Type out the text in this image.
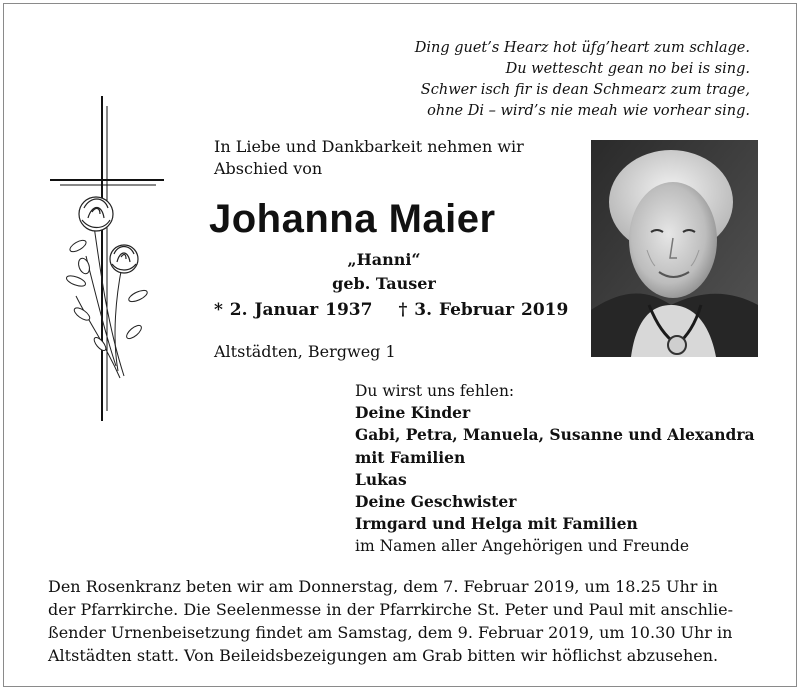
Ding guet’s Hearz hot üfg’heart zum schlage.
Du wettescht gean no bei is sing.
Schwer isch fir is dean Schmearz zum trage,
ohne Di – wird’s nie meah wie vorhear sing.
In Liebe und Dankbarkeit nehmen wir
Abschied von
Johanna Maier
„Hanni“
geb. Tauser
* 2. Januar 1937 † 3. Februar 2019
Altstädten, Bergweg 1
Du wirst uns fehlen:
Deine Kinder
Gabi, Petra, Manuela, Susanne und Alexandra
mit Familien
Lukas
Deine Geschwister
Irmgard und Helga mit Familien
im Namen aller Angehörigen und Freunde
Den Rosenkranz beten wir am Donnerstag, dem 7. Februar 2019, um 18.25 Uhr in
der Pfarrkirche. Die Seelenmesse in der Pfarrkirche St. Peter und Paul mit anschlie-
ßender Urnenbeisetzung findet am Samstag, dem 9. Februar 2019, um 10.30 Uhr in
Altstädten statt. Von Beileidsbezeigungen am Grab bitten wir höflichst abzusehen.
